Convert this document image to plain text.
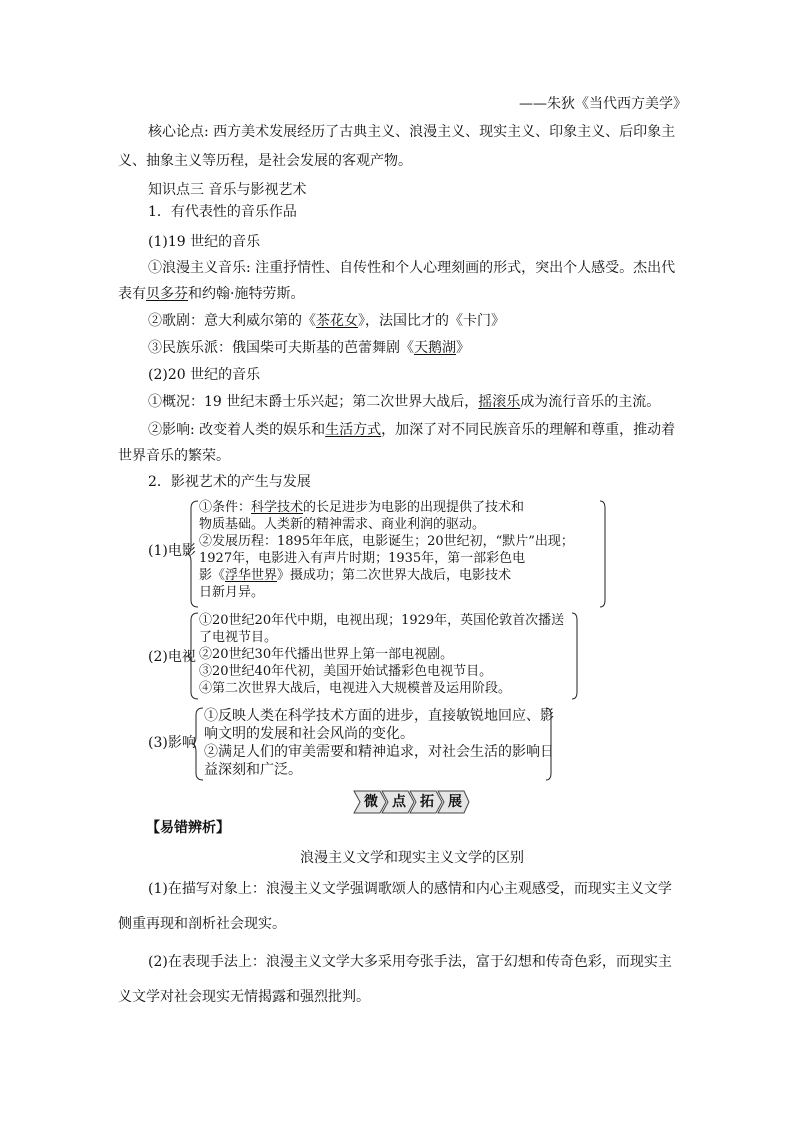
——朱狄《当代西方美学》
核心论点: 西方美术发展经历了古典主义、浪漫主义、现实主义、印象主义、后印象主
义、抽象主义等历程，是社会发展的客观产物。
知识点三 音乐与影视艺术
1．有代表性的音乐作品
(1)19 世纪的音乐
①浪漫主义音乐: 注重抒情性、自传性和个人心理刻画的形式，突出个人感受。杰出代
表有贝多芬和约翰·施特劳斯。
②歌剧：意大利威尔第的《茶花女》，法国比才的《卡门》
③民族乐派：俄国柴可夫斯基的芭蕾舞剧《天鹅湖》
(2)20 世纪的音乐
①概况：19 世纪末爵士乐兴起；第二次世界大战后，摇滚乐成为流行音乐的主流。
②影响: 改变着人类的娱乐和生活方式，加深了对不同民族音乐的理解和尊重，推动着
世界音乐的繁荣。
2．影视艺术的产生与发展
(1)电影
①条件：科学技术的长足进步为电影的出现提供了技术和
物质基础。人类新的精神需求、商业利润的驱动。
②发展历程：1895年年底，电影诞生；20世纪初，“默片”出现；
1927年，电影进入有声片时期；1935年，第一部彩色电
影《浮华世界》摄成功；第二次世界大战后，电影技术
日新月异。
(2)电视
①20世纪20年代中期，电视出现；1929年，英国伦敦首次播送
了电视节目。
②20世纪30年代播出世界上第一部电视剧。
③20世纪40年代初，美国开始试播彩色电视节目。
④第二次世界大战后，电视进入大规模普及运用阶段。
(3)影响
①反映人类在科学技术方面的进步，直接敏锐地回应、影
响文明的发展和社会风尚的变化。
②满足人们的审美需要和精神追求，对社会生活的影响日
益深刻和广泛。
微 点 拓 展
【易错辨析】
浪漫主义文学和现实主义文学的区别
(1)在描写对象上：浪漫主义文学强调歌颂人的感情和内心主观感受，而现实主义文学
侧重再现和剖析社会现实。
(2)在表现手法上：浪漫主义文学大多采用夸张手法，富于幻想和传奇色彩，而现实主
义文学对社会现实无情揭露和强烈批判。
